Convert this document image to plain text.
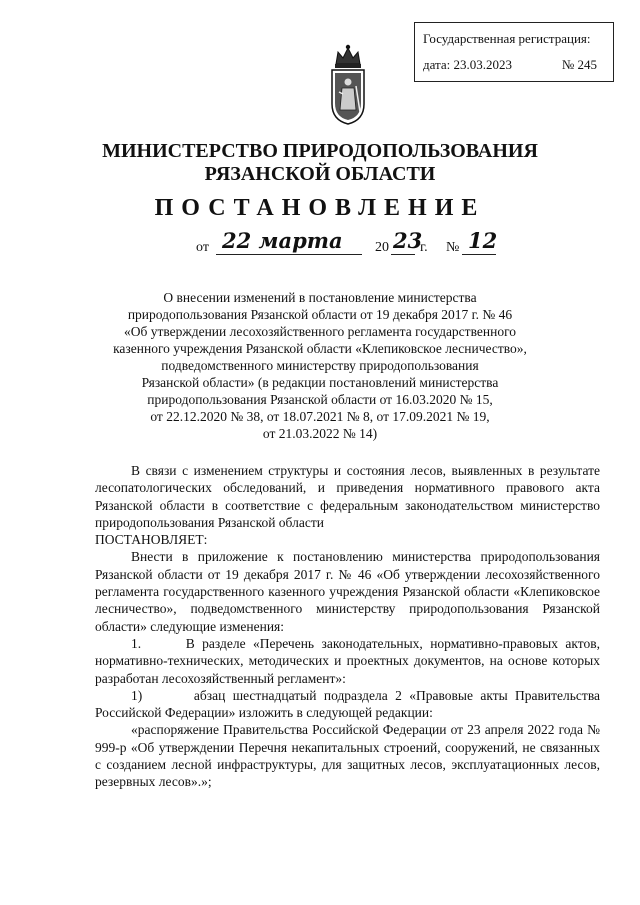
Государственная регистрация:
дата: 23.03.2023	№ 245
МИНИСТЕРСТВО ПРИРОДОПОЛЬЗОВАНИЯ
РЯЗАНСКОЙ ОБЛАСТИ
ПОСТАНОВЛЕНИЕ
от 22 марта 20 23
г. № 12
О внесении изменений в постановление министерства
природопользования Рязанской области от 19 декабря 2017 г. № 46
«Об утверждении лесохозяйственного регламента государственного
казенного учреждения Рязанской области «Клепиковское лесничество»,
подведомственного министерству природопользования
Рязанской области» (в редакции постановлений министерства
природопользования Рязанской области от 16.03.2020 № 15,
от 22.12.2020 № 38, от 18.07.2021 № 8, от 17.09.2021 № 19,
от 21.03.2022 № 14)

В связи с изменением структуры и состояния лесов, выявленных в результате лесопатологических обследований, и приведения нормативного правового акта Рязанской области в соответствие с федеральным законодательством министерство природопользования Рязанской области

ПОСТАНОВЛЯЕТ:

Внести в приложение к постановлению министерства природопользования Рязанской области от 19 декабря 2017 г. № 46 «Об утверждении лесохозяйственного регламента государственного казенного учреждения Рязанской области «Клепиковское лесничество», подведомственного министерству природопользования Рязанской области» следующие изменения:

1.	В разделе «Перечень законодательных, нормативно-правовых актов, нормативно-технических, методических и проектных документов, на основе которых разработан лесохозяйственный регламент»:

1)	абзац шестнадцатый подраздела 2 «Правовые акты Правительства Российской Федерации» изложить в следующей редакции:

«распоряжение Правительства Российской Федерации от 23 апреля 2022 года № 999-р «Об утверждении Перечня некапитальных строений, сооружений, не связанных с созданием лесной инфраструктуры, для защитных лесов, эксплуатационных лесов, резервных лесов».»;
